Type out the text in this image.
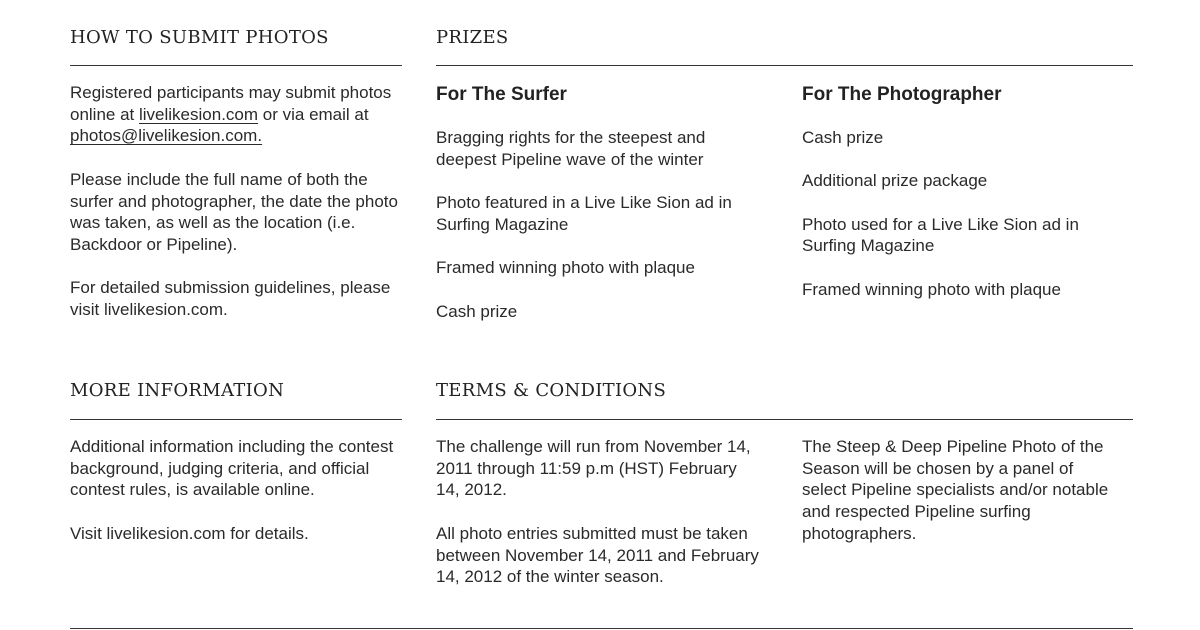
HOW TO SUBMIT PHOTOS

Registered participants may submit photos online at livelikesion.com or via email at photos@livelikesion.com.

Please include the full name of both the surfer and photographer, the date the photo was taken, as well as the location (i.e. Backdoor or Pipeline).

For detailed submission guidelines, please visit livelikesion.com.

PRIZES

For The Surfer

Bragging rights for the steepest and deepest Pipeline wave of the winter

Photo featured in a Live Like Sion ad in Surfing Magazine

Framed winning photo with plaque

Cash prize

For The Photographer

Cash prize

Additional prize package

Photo used for a Live Like Sion ad in Surfing Magazine

Framed winning photo with plaque

MORE INFORMATION

Additional information including the contest background, judging criteria, and official contest rules, is available online.

Visit livelikesion.com for details.

TERMS & CONDITIONS

The challenge will run from November 14, 2011 through 11:59 p.m (HST) February 14, 2012.

All photo entries submitted must be taken between November 14, 2011 and February 14, 2012 of the winter season.

The Steep & Deep Pipeline Photo of the Season will be chosen by a panel of select Pipeline specialists and/or notable and respected Pipeline surfing photographers.
